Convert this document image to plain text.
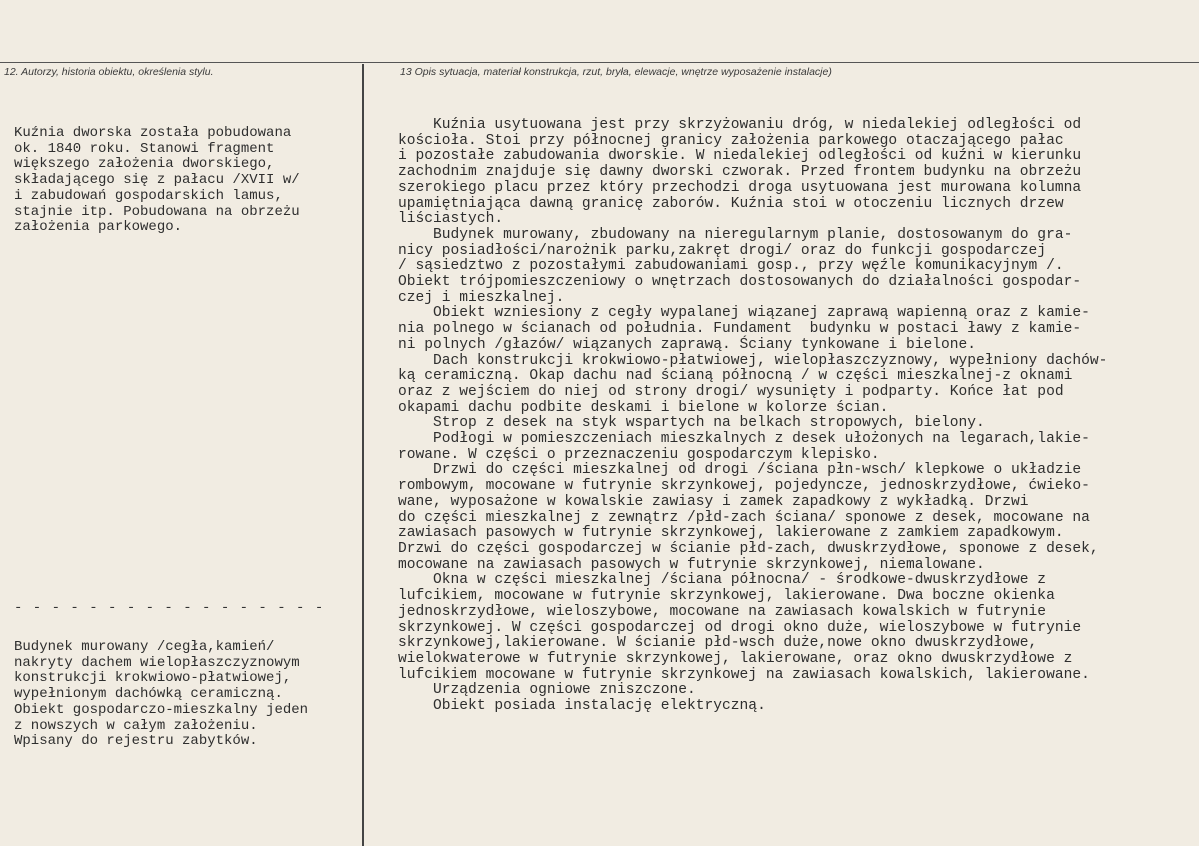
12. Autorzy, historia obiektu, określenia stylu.	13 Opis sytuacja, materiał konstrukcja, rzut, bryła, elewacje, wnętrze wyposażenie instalacje)
Kuźnia dworska została pobudowana
ok. 1840 roku. Stanowi fragment
większego założenia dworskiego,
składającego się z pałacu /XVII w/
i zabudowań gospodarskich lamus,
stajnie itp. Pobudowana na obrzeżu
założenia parkowego.
- - - - - - - - - - - - - - - - -
Budynek murowany /cegła,kamień/
nakryty dachem wielopłaszczyznowym
konstrukcji krokwiowo-płatwiowej,
wypełnionym dachówką ceramiczną.
Obiekt gospodarczo-mieszkalny jeden
z nowszych w całym założeniu.
Wpisany do rejestru zabytków.
Kuźnia usytuowana jest przy skrzyżowaniu dróg, w niedalekiej odległości od
kościoła. Stoi przy północnej granicy założenia parkowego otaczającego pałac
i pozostałe zabudowania dworskie. W niedalekiej odległości od kuźni w kierunku
zachodnim znajduje się dawny dworski czworak. Przed frontem budynku na obrzeżu
szerokiego placu przez który przechodzi droga usytuowana jest murowana kolumna
upamiętniająca dawną granicę zaborów. Kuźnia stoi w otoczeniu licznych drzew
liściastych.
Budynek murowany, zbudowany na nieregularnym planie, dostosowanym do gra-
nicy posiadłości/narożnik parku,zakręt drogi/ oraz do funkcji gospodarczej
/ sąsiedztwo z pozostałymi zabudowaniami gosp., przy węźle komunikacyjnym /.
Obiekt trójpomieszczeniowy o wnętrzach dostosowanych do działalności gospodar-
czej i mieszkalnej.
Obiekt wzniesiony z cegły wypalanej wiązanej zaprawą wapienną oraz z kamie-
nia polnego w ścianach od południa. Fundament  budynku w postaci ławy z kamie-
ni polnych /głazów/ wiązanych zaprawą. Ściany tynkowane i bielone.
Dach konstrukcji krokwiowo-płatwiowej, wielopłaszczyznowy, wypełniony dachów-
ką ceramiczną. Okap dachu nad ścianą północną / w części mieszkalnej-z oknami
oraz z wejściem do niej od strony drogi/ wysunięty i podparty. Końce łat pod
okapami dachu podbite deskami i bielone w kolorze ścian.
Strop z desek na styk wspartych na belkach stropowych, bielony.
Podłogi w pomieszczeniach mieszkalnych z desek ułożonych na legarach,lakie-
rowane. W części o przeznaczeniu gospodarczym klepisko.
Drzwi do części mieszkalnej od drogi /ściana płn-wsch/ klepkowe o układzie
rombowym, mocowane w futrynie skrzynkowej, pojedyncze, jednoskrzydłowe, ćwieko-
wane, wyposażone w kowalskie zawiasy i zamek zapadkowy z wykładką. Drzwi
do części mieszkalnej z zewnątrz /płd-zach ściana/ sponowe z desek, mocowane na
zawiasach pasowych w futrynie skrzynkowej, lakierowane z zamkiem zapadkowym.
Drzwi do części gospodarczej w ścianie płd-zach, dwuskrzydłowe, sponowe z desek,
mocowane na zawiasach pasowych w futrynie skrzynkowej, niemalowane.
Okna w części mieszkalnej /ściana północna/ - środkowe-dwuskrzydłowe z
lufcikiem, mocowane w futrynie skrzynkowej, lakierowane. Dwa boczne okienka
jednoskrzydłowe, wieloszybowe, mocowane na zawiasach kowalskich w futrynie
skrzynkowej. W części gospodarczej od drogi okno duże, wieloszybowe w futrynie
skrzynkowej,lakierowane. W ścianie płd-wsch duże,nowe okno dwuskrzydłowe,
wielokwaterowe w futrynie skrzynkowej, lakierowane, oraz okno dwuskrzydłowe z
lufcikiem mocowane w futrynie skrzynkowej na zawiasach kowalskich, lakierowane.
Urządzenia ogniowe zniszczone.
Obiekt posiada instalację elektryczną.
